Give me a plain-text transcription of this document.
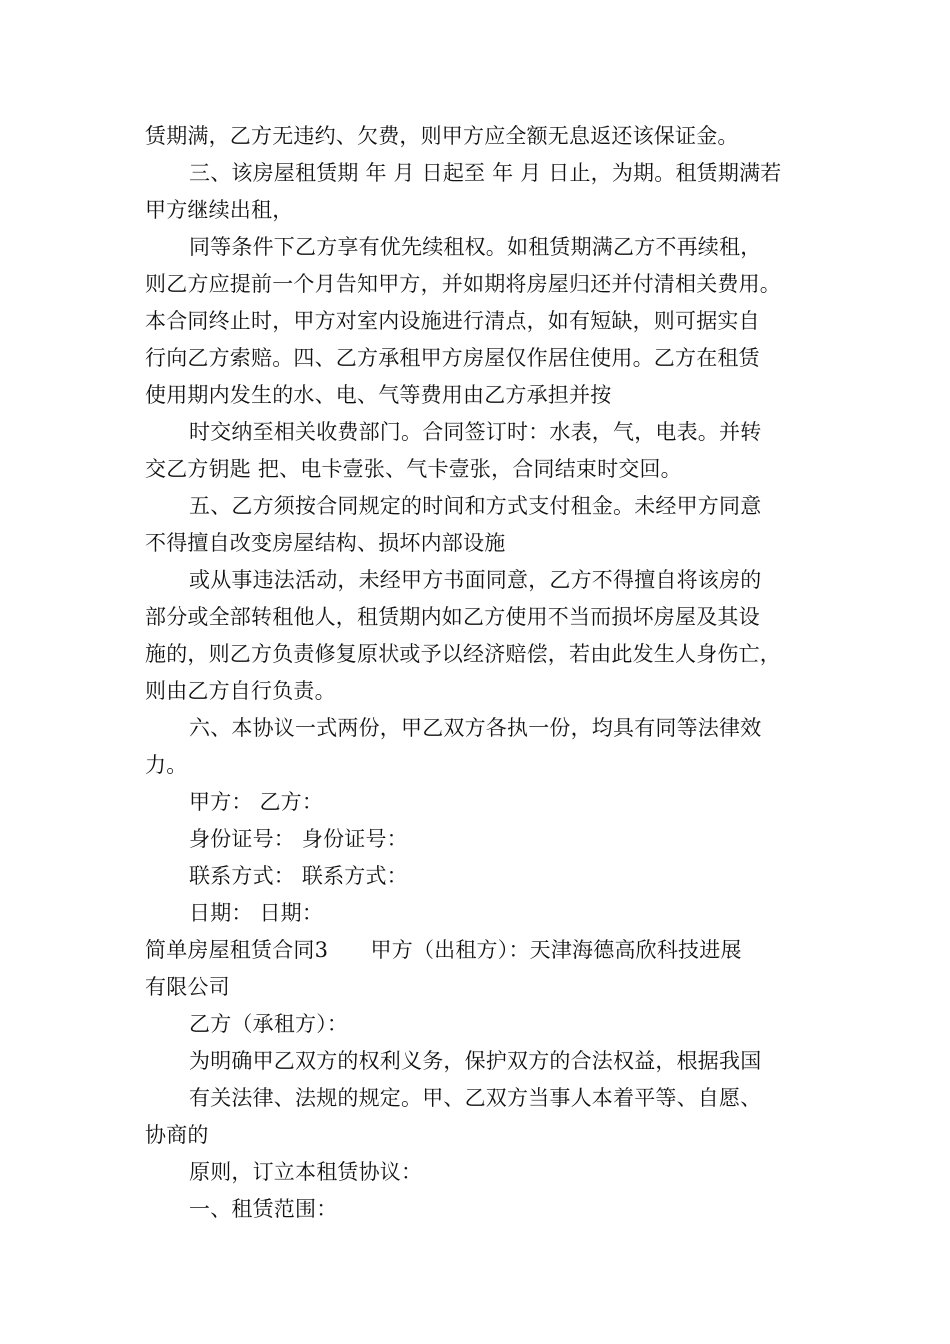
赁期满，乙方无违约、欠费，则甲方应全额无息返还该保证金。
三、该房屋租赁期 年 月 日起至 年 月 日止，为期。租赁期满若
甲方继续出租，
同等条件下乙方享有优先续租权。如租赁期满乙方不再续租，
则乙方应提前一个月告知甲方，并如期将房屋归还并付清相关费用。
本合同终止时，甲方对室内设施进行清点，如有短缺，则可据实自
行向乙方索赔。四、乙方承租甲方房屋仅作居住使用。乙方在租赁
使用期内发生的水、电、气等费用由乙方承担并按
时交纳至相关收费部门。合同签订时：水表，气，电表。并转
交乙方钥匙 把、电卡壹张、气卡壹张，合同结束时交回。
五、乙方须按合同规定的时间和方式支付租金。未经甲方同意
不得擅自改变房屋结构、损坏内部设施
或从事违法活动，未经甲方书面同意，乙方不得擅自将该房的
部分或全部转租他人，租赁期内如乙方使用不当而损坏房屋及其设
施的，则乙方负责修复原状或予以经济赔偿，若由此发生人身伤亡，
则由乙方自行负责。
六、本协议一式两份，甲乙双方各执一份，均具有同等法律效
力。
甲方： 乙方：
身份证号： 身份证号：
联系方式： 联系方式：
日期： 日期：
简单房屋租赁合同3　　甲方（出租方）：天津海德高欣科技进展
有限公司
乙方（承租方）：
为明确甲乙双方的权利义务，保护双方的合法权益，根据我国
有关法律、法规的规定。甲、乙双方当事人本着平等、自愿、
协商的
原则，订立本租赁协议：
一、租赁范围：
